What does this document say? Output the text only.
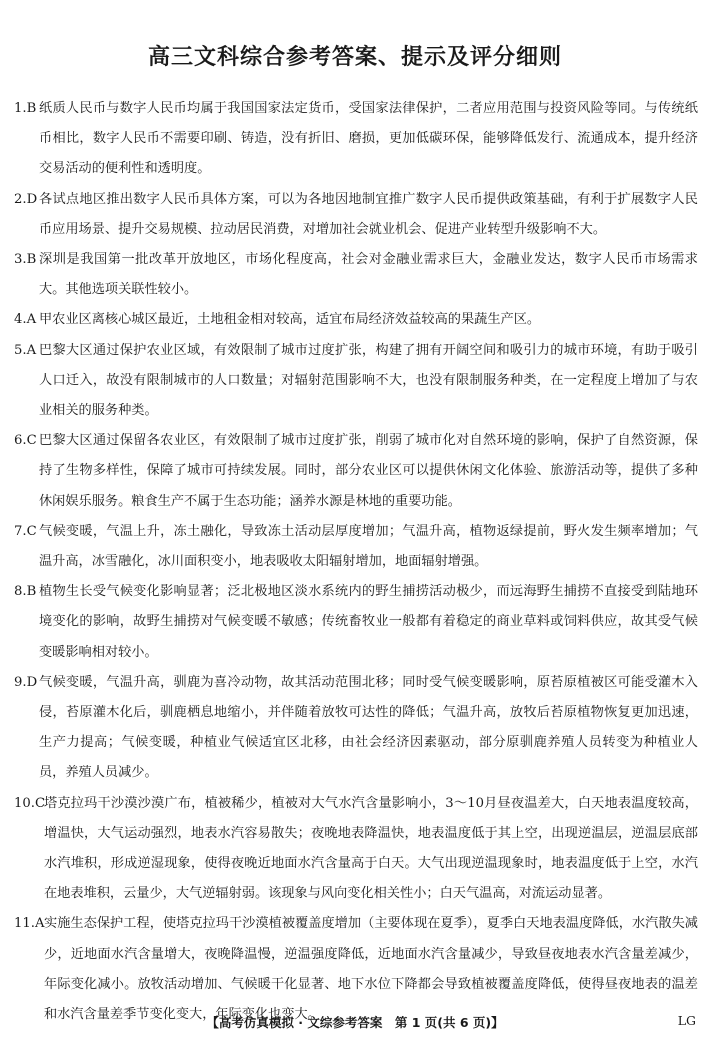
高三文科综合参考答案、提示及评分细则
1.B 纸质人民币与数字人民币均属于我国国家法定货币，受国家法律保护，二者应用范围与投资风险等同。与传统纸币相比，数字人民币不需要印刷、铸造，没有折旧、磨损，更加低碳环保，能够降低发行、流通成本，提升经济交易活动的便利性和透明度。
2.D 各试点地区推出数字人民币具体方案，可以为各地因地制宜推广数字人民币提供政策基础，有利于扩展数字人民币应用场景、提升交易规模、拉动居民消费，对增加社会就业机会、促进产业转型升级影响不大。
3.B 深圳是我国第一批改革开放地区，市场化程度高，社会对金融业需求巨大，金融业发达，数字人民币市场需求大。其他选项关联性较小。
4.A 甲农业区离核心城区最近，土地租金相对较高，适宜布局经济效益较高的果蔬生产区。
5.A 巴黎大区通过保护农业区域，有效限制了城市过度扩张，构建了拥有开阔空间和吸引力的城市环境，有助于吸引人口迁入，故没有限制城市的人口数量；对辐射范围影响不大，也没有限制服务种类，在一定程度上增加了与农业相关的服务种类。
6.C 巴黎大区通过保留各农业区，有效限制了城市过度扩张，削弱了城市化对自然环境的影响，保护了自然资源，保持了生物多样性，保障了城市可持续发展。同时，部分农业区可以提供休闲文化体验、旅游活动等，提供了多种休闲娱乐服务。粮食生产不属于生态功能；涵养水源是林地的重要功能。
7.C 气候变暖，气温上升，冻土融化，导致冻土活动层厚度增加；气温升高，植物返绿提前，野火发生频率增加；气温升高，冰雪融化，冰川面积变小，地表吸收太阳辐射增加，地面辐射增强。
8.B 植物生长受气候变化影响显著；泛北极地区淡水系统内的野生捕捞活动极少，而远海野生捕捞不直接受到陆地环境变化的影响，故野生捕捞对气候变暖不敏感；传统畜牧业一般都有着稳定的商业草料或饲料供应，故其受气候变暖影响相对较小。
9.D 气候变暖，气温升高，驯鹿为喜冷动物，故其活动范围北移；同时受气候变暖影响，原苔原植被区可能受灌木入侵，苔原灌木化后，驯鹿栖息地缩小，并伴随着放牧可达性的降低；气温升高，放牧后苔原植物恢复更加迅速，生产力提高；气候变暖，种植业气候适宜区北移，由社会经济因素驱动，部分原驯鹿养殖人员转变为种植业人员，养殖人员减少。
10.C
塔克拉玛干沙漠沙漠广布，植被稀少，植被对大气水汽含量影响小，3～10月昼夜温差大，白天地表温度较高，增温快，大气运动强烈，地表水汽容易散失；夜晚地表降温快，地表温度低于其上空，出现逆温层，逆温层底部水汽堆积，形成逆湿现象，使得夜晚近地面水汽含量高于白天。大气出现逆温现象时，地表温度低于上空，水汽在地表堆积，云量少，大气逆辐射弱。该现象与风向变化相关性小；白天气温高，对流运动显著。
11.A 实施生态保护工程，使塔克拉玛干沙漠植被覆盖度增加（主要体现在夏季），夏季白天地表温度降低，水汽散失减少，近地面水汽含量增大，夜晚降温慢，逆温强度降低，近地面水汽含量减少，导致昼夜地表水汽含量差减少，年际变化减小。放牧活动增加、气候暖干化显著、地下水位下降都会导致植被覆盖度降低，使得昼夜地表的温差和水汽含量差季节变化变大，年际变化也变大。
【高考仿真模拟 · 文综参考答案　第 1 页(共 6 页)】	LG
